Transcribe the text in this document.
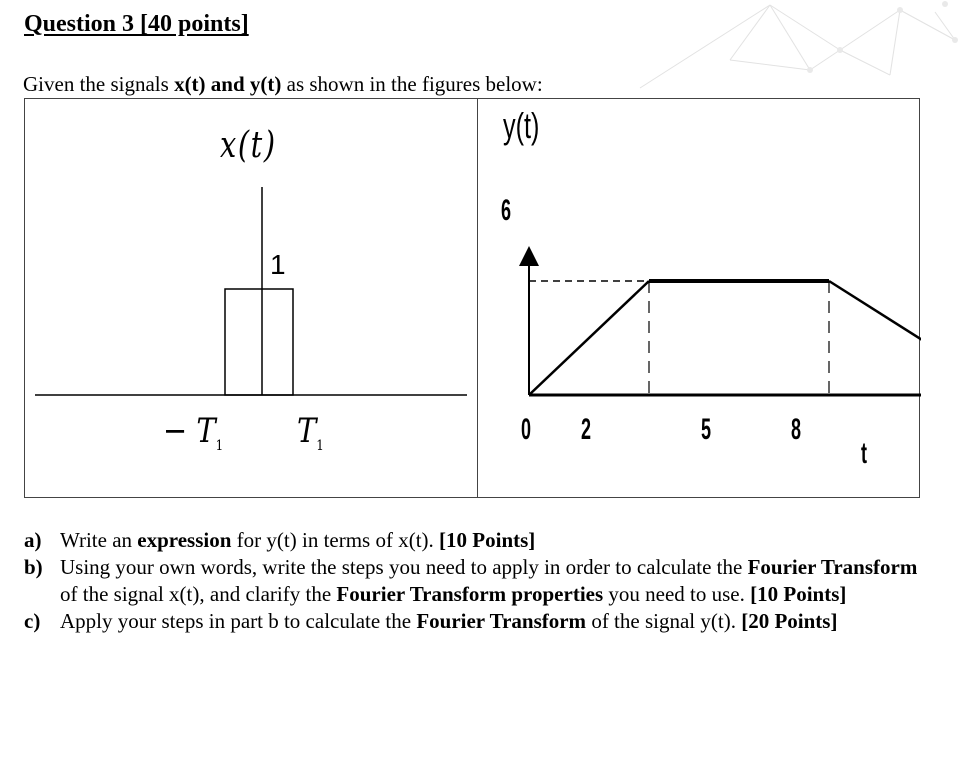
Question 3 [40 points]

Given the signals x(t) and y(t) as shown in the figures below:

x(t)
1
− $T_1$ $T_1$
y(t)
6
0 2	5	8
t
a) Write an expression for y(t) in terms of x(t). [10 Points]
b) Using your own words, write the steps you need to apply in order to calculate the Fourier Transform of the signal x(t), and clarify the Fourier Transform properties you need to use. [10 Points]
c) Apply your steps in part b to calculate the Fourier Transform of the signal y(t). [20 Points]
